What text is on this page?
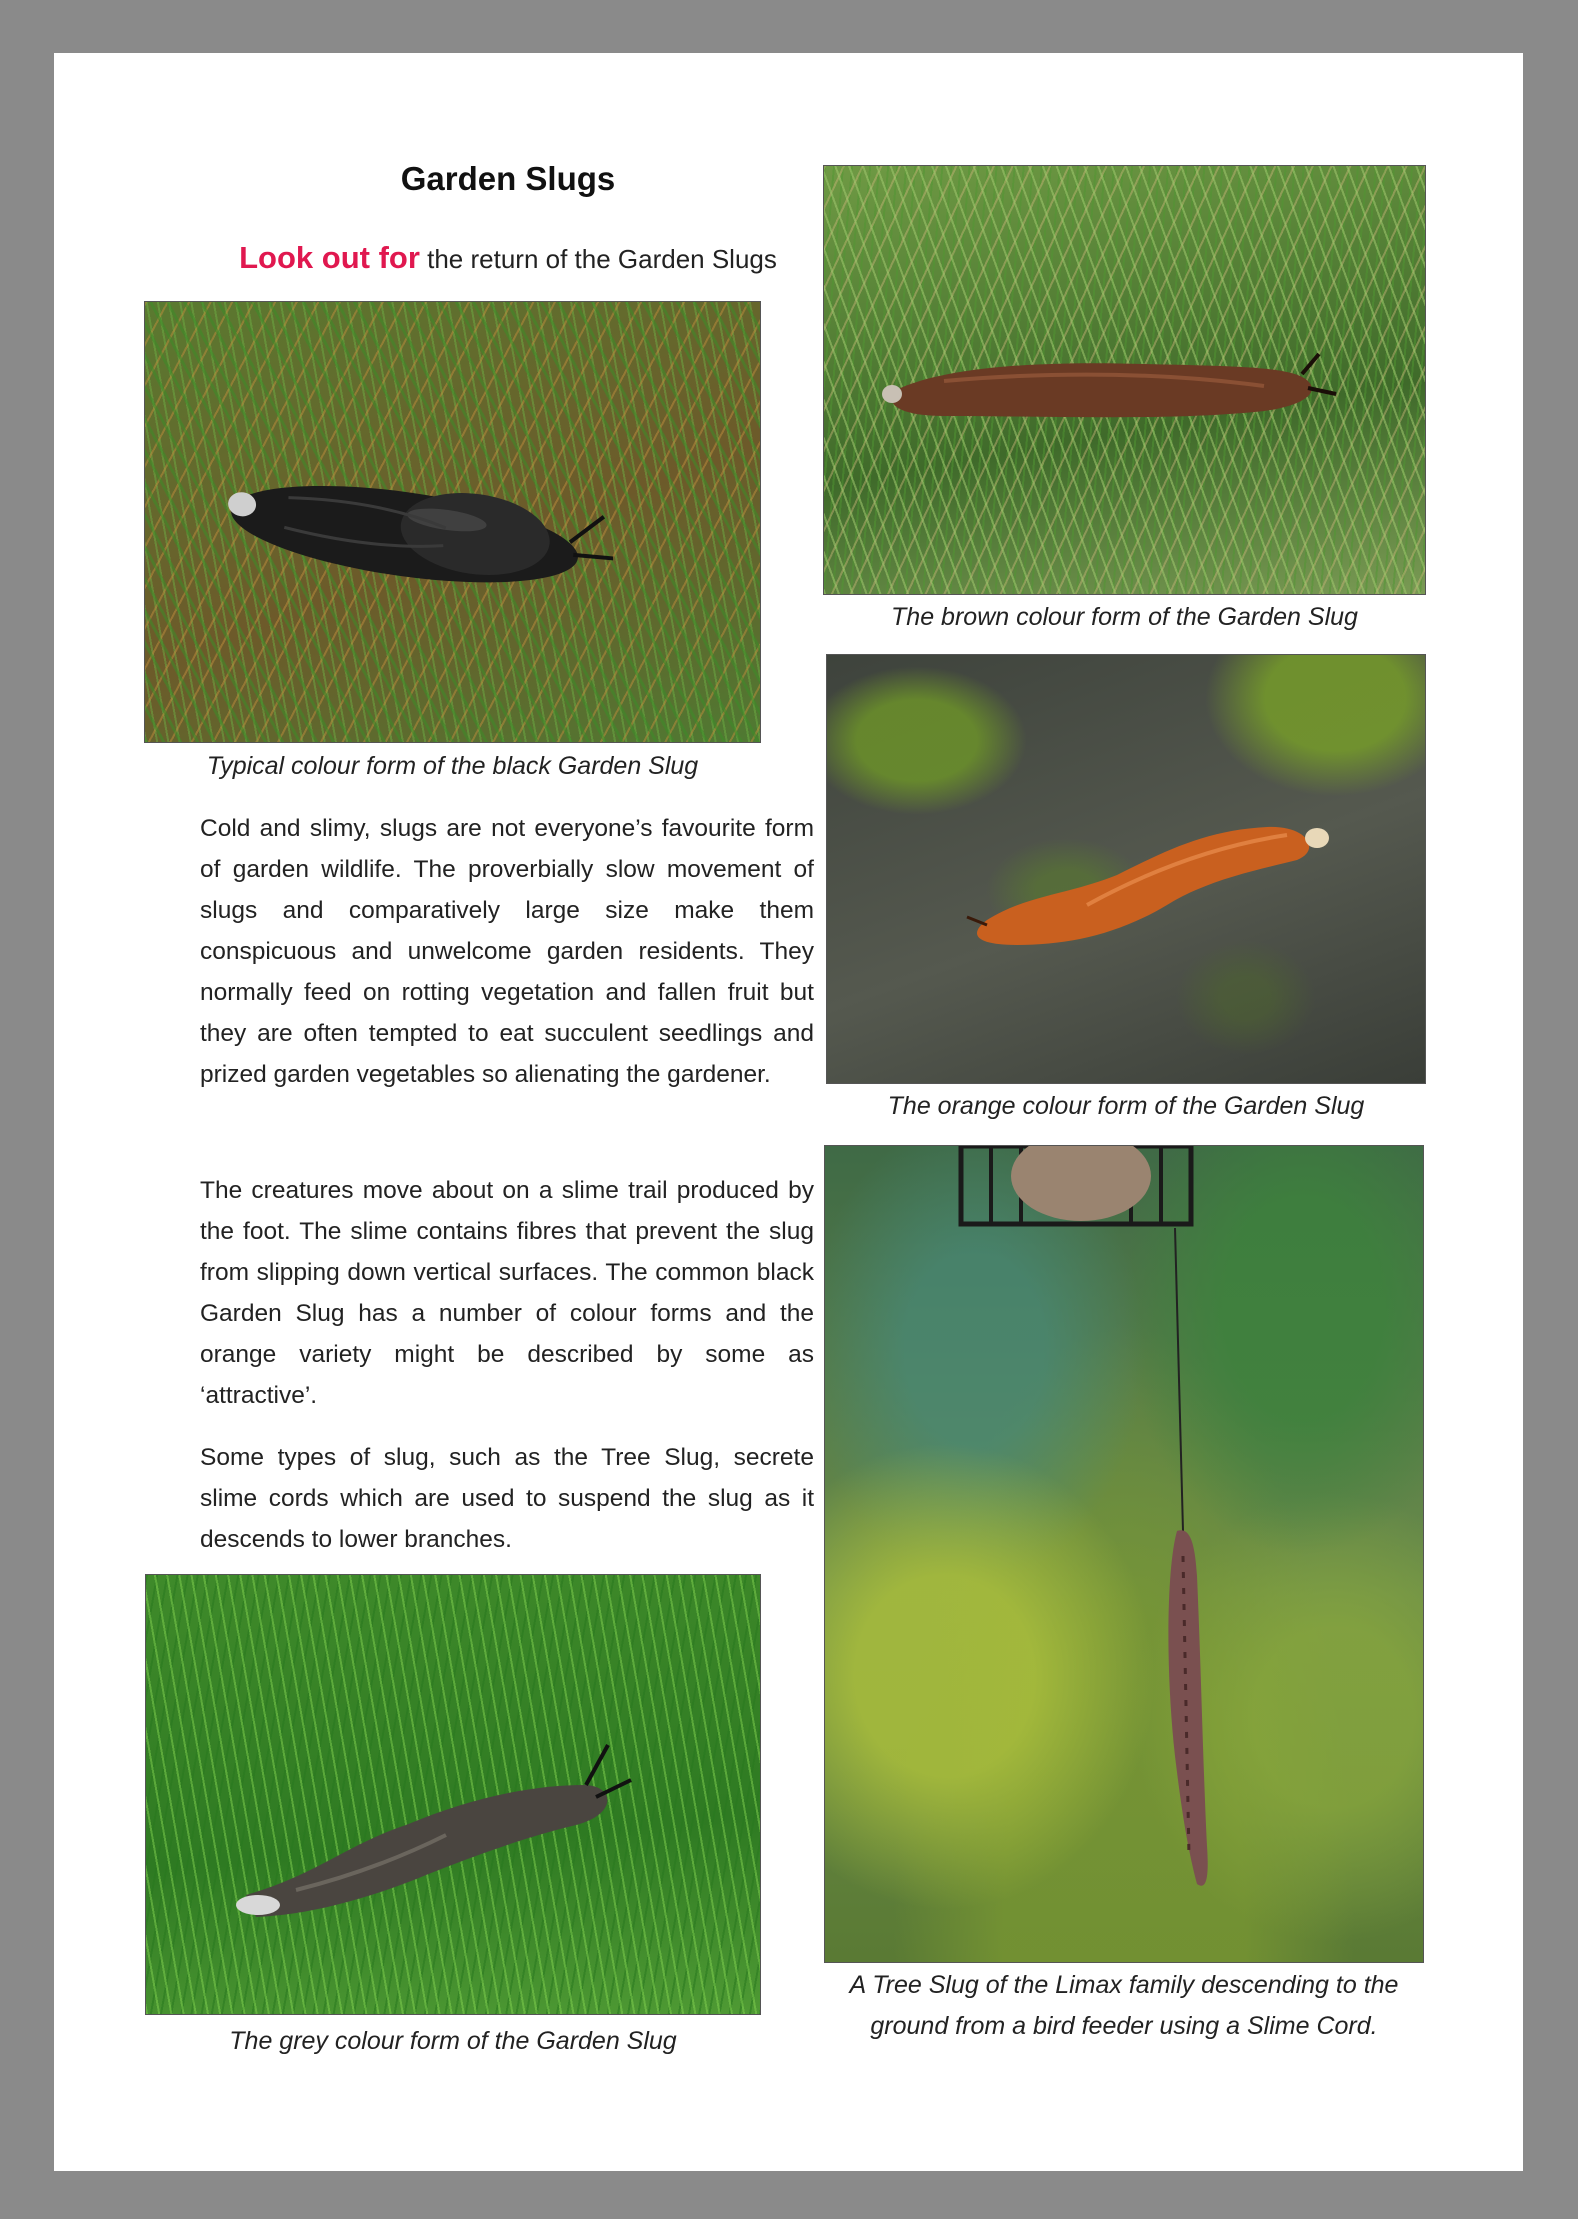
Garden Slugs

Look out for the return of the Garden Slugs

Typical colour form of the black Garden Slug

Cold and slimy, slugs are not everyone’s favourite form of garden wildlife. The proverbially slow movement of slugs and comparatively large size make them conspicuous and unwelcome garden residents. They normally feed on rotting vegetation and fallen fruit but they are often tempted to eat succulent seedlings and prized garden vegetables so alienating the gardener.

The creatures move about on a slime trail produced by the foot. The slime contains fibres that prevent the slug from slipping down vertical surfaces. The common black Garden Slug has a number of colour forms and the orange variety might be described by some as ‘attractive’.

Some types of slug, such as the Tree Slug, secrete slime cords which are used to suspend the slug as it descends to lower branches.

The grey colour form of the Garden Slug

The brown colour form of the Garden Slug

The orange colour form of the Garden Slug

A Tree Slug of the Limax family descending to the
ground from a bird feeder using a Slime Cord.
